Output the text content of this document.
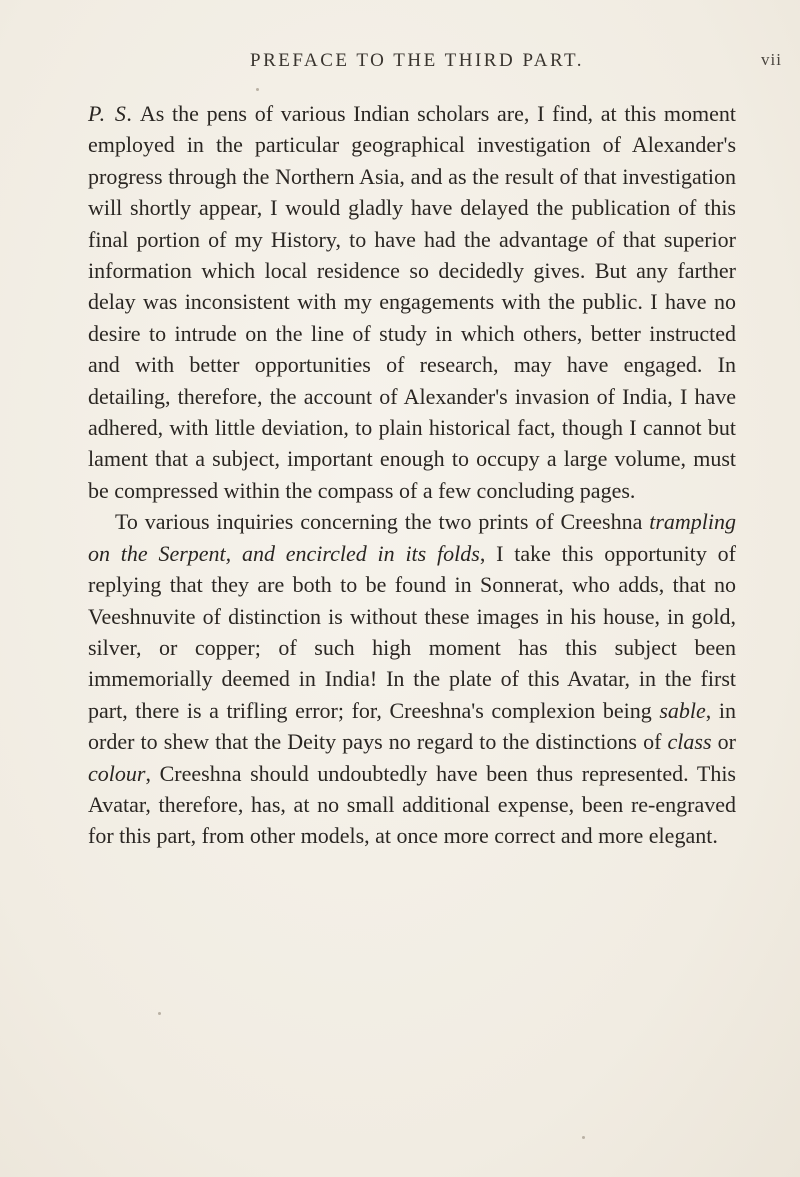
PREFACE TO THE THIRD PART.	vii

P. S. As the pens of various Indian scholars are, I find, at this moment employed in the particular geographical investigation of Alexander's progress through the Northern Asia, and as the result of that investigation will shortly appear, I would gladly have delayed the publication of this final portion of my History, to have had the advantage of that superior information which local residence so decidedly gives. But any farther delay was inconsistent with my engagements with the public. I have no desire to intrude on the line of study in which others, better instructed and with better opportunities of research, may have engaged. In detailing, therefore, the account of Alexander's invasion of India, I have adhered, with little deviation, to plain historical fact, though I cannot but lament that a subject, important enough to occupy a large volume, must be compressed within the compass of a few concluding pages.

To various inquiries concerning the two prints of Creeshna trampling on the Serpent, and encircled in its folds, I take this opportunity of replying that they are both to be found in Sonnerat, who adds, that no Veeshnuvite of distinction is without these images in his house, in gold, silver, or copper; of such high moment has this subject been immemorially deemed in India! In the plate of this Avatar, in the first part, there is a trifling error; for, Creeshna's complexion being sable, in order to shew that the Deity pays no regard to the distinctions of class or colour, Creeshna should undoubtedly have been thus represented. This Avatar, therefore, has, at no small additional expense, been re-engraved for this part, from other models, at once more correct and more elegant.
